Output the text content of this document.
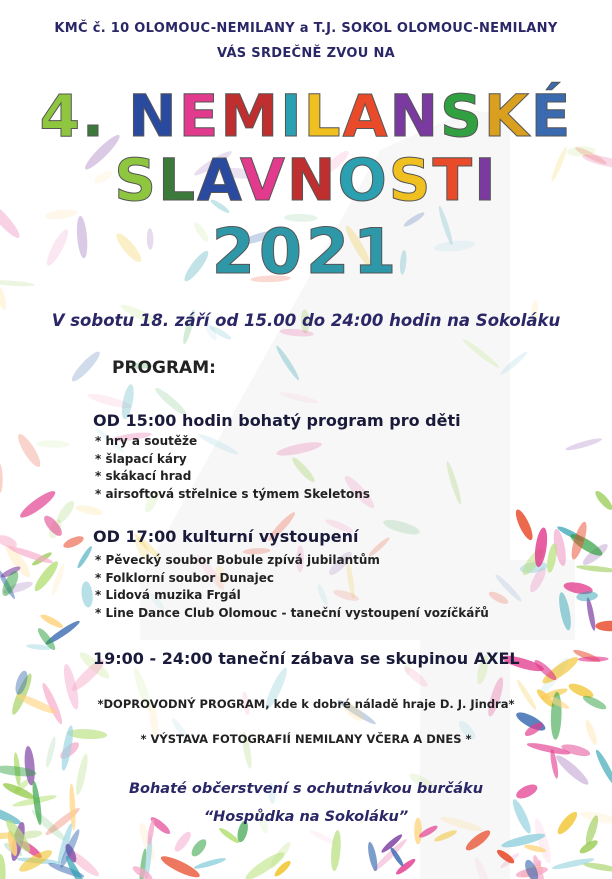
KMČ č. 10 OLOMOUC-NEMILANY a T.J. SOKOL OLOMOUC-NEMILANY
VÁS SRDEČNĚ ZVOU NA
4. NEMILANSKÉ
SLAVNOSTI
2021
V sobotu 18. září od 15.00 do 24:00 hodin na Sokoláku
PROGRAM:
OD 15:00 hodin bohatý program pro děti
* hry a soutěže
* šlapací káry
* skákací hrad
* airsoftová střelnice s týmem Skeletons
OD 17:00 kulturní vystoupení
* Pěvecký soubor Bobule zpívá jubilantům
* Folklorní soubor Dunajec
* Lidová muzika Frgál
* Line Dance Club Olomouc - taneční vystoupení vozíčkářů
19:00 - 24:00 taneční zábava se skupinou AXEL
*DOPROVODNÝ PROGRAM, kde k dobré náladě hraje D. J. Jindra*
* VÝSTAVA FOTOGRAFIÍ NEMILANY VČERA A DNES *
Bohaté občerstvení s ochutnávkou burčáku
“Hospůdka na Sokoláku”
